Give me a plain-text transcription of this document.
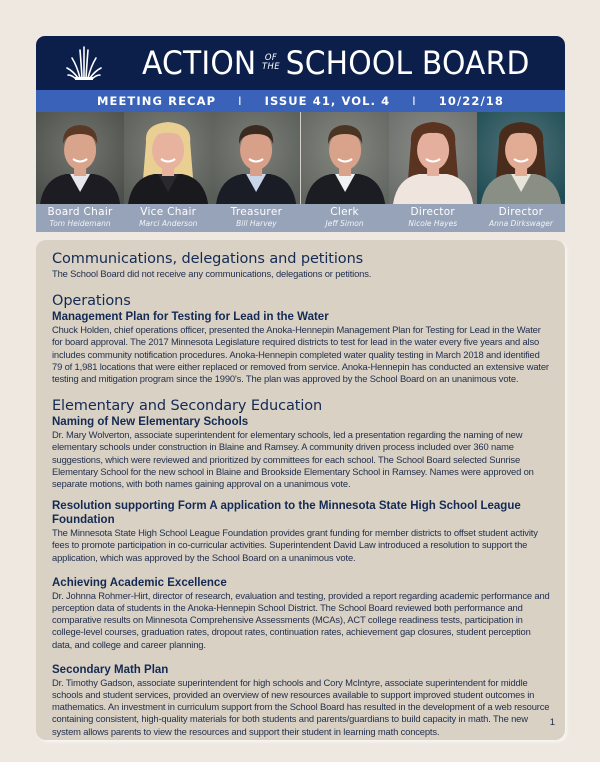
ACTION OF
THE SCHOOL BOARD
MEETING RECAP I ISSUE 41, VOL. 4 I 10/22/18
Board Chair
Tom Heidemann
Vice Chair
Marci Anderson
Treasurer
Bill Harvey
Clerk
Jeff Simon
Director
Nicole Hayes
Director
Anna Dirkswager
Communications, delegations and petitions
The School Board did not receive any communications, delegations or petitions.
Operations
Management Plan for Testing for Lead in the Water
Chuck Holden, chief operations officer, presented the Anoka-Hennepin Management Plan for Testing for Lead in the Water for board approval. The 2017 Minnesota Legislature required districts to test for lead in the water every five years and also includes community notification procedures. Anoka-Hennepin completed water quality testing in March 2018 and identified 79 of 1,981 locations that were either replaced or removed from service. Anoka-Hennepin has conducted an extensive water testing and mitigation program since the 1990's. The plan was approved by the School Board on an unanimous vote.
Elementary and Secondary Education
Naming of New Elementary Schools
Dr. Mary Wolverton, associate superintendent for elementary schools, led a presentation regarding the naming of new elementary schools under construction in Blaine and Ramsey. A community driven process included over 360 name suggestions, which were reviewed and prioritized by committees for each school. The School Board selected Sunrise Elementary School for the new school in Blaine and Brookside Elementary School in Ramsey. Names were approved on separate motions, with both names gaining approval on a unanimous vote.
Resolution supporting Form A application to the Minnesota State High School League Foundation
The Minnesota State High School League Foundation provides grant funding for member districts to offset student activity fees to promote participation in co-curricular activities. Superintendent David Law introduced a resolution to support the application, which was approved by the School Board on a unanimous vote.
Achieving Academic Excellence
Dr. Johnna Rohmer-Hirt, director of research, evaluation and testing, provided a report regarding academic performance and perception data of students in the Anoka-Hennepin School District. The School Board reviewed both performance and comparative results on Minnesota Comprehensive Assessments (MCAs), ACT college readiness tests, participation in college-level courses, graduation rates, dropout rates, continuation rates, achievement gap closures, student perception data, and college and career planning.
Secondary Math Plan
Dr. Timothy Gadson, associate superintendent for high schools and Cory McIntyre, associate superintendent for middle schools and student services, provided an overview of new resources available to support improved student outcomes in mathematics. An investment in curriculum support from the School Board has resulted in the development of a web resource containing consistent, high-quality materials for both students and parents/guardians to build capacity in math. The new system allows parents to view the resources and support their student in learning math concepts.
1
